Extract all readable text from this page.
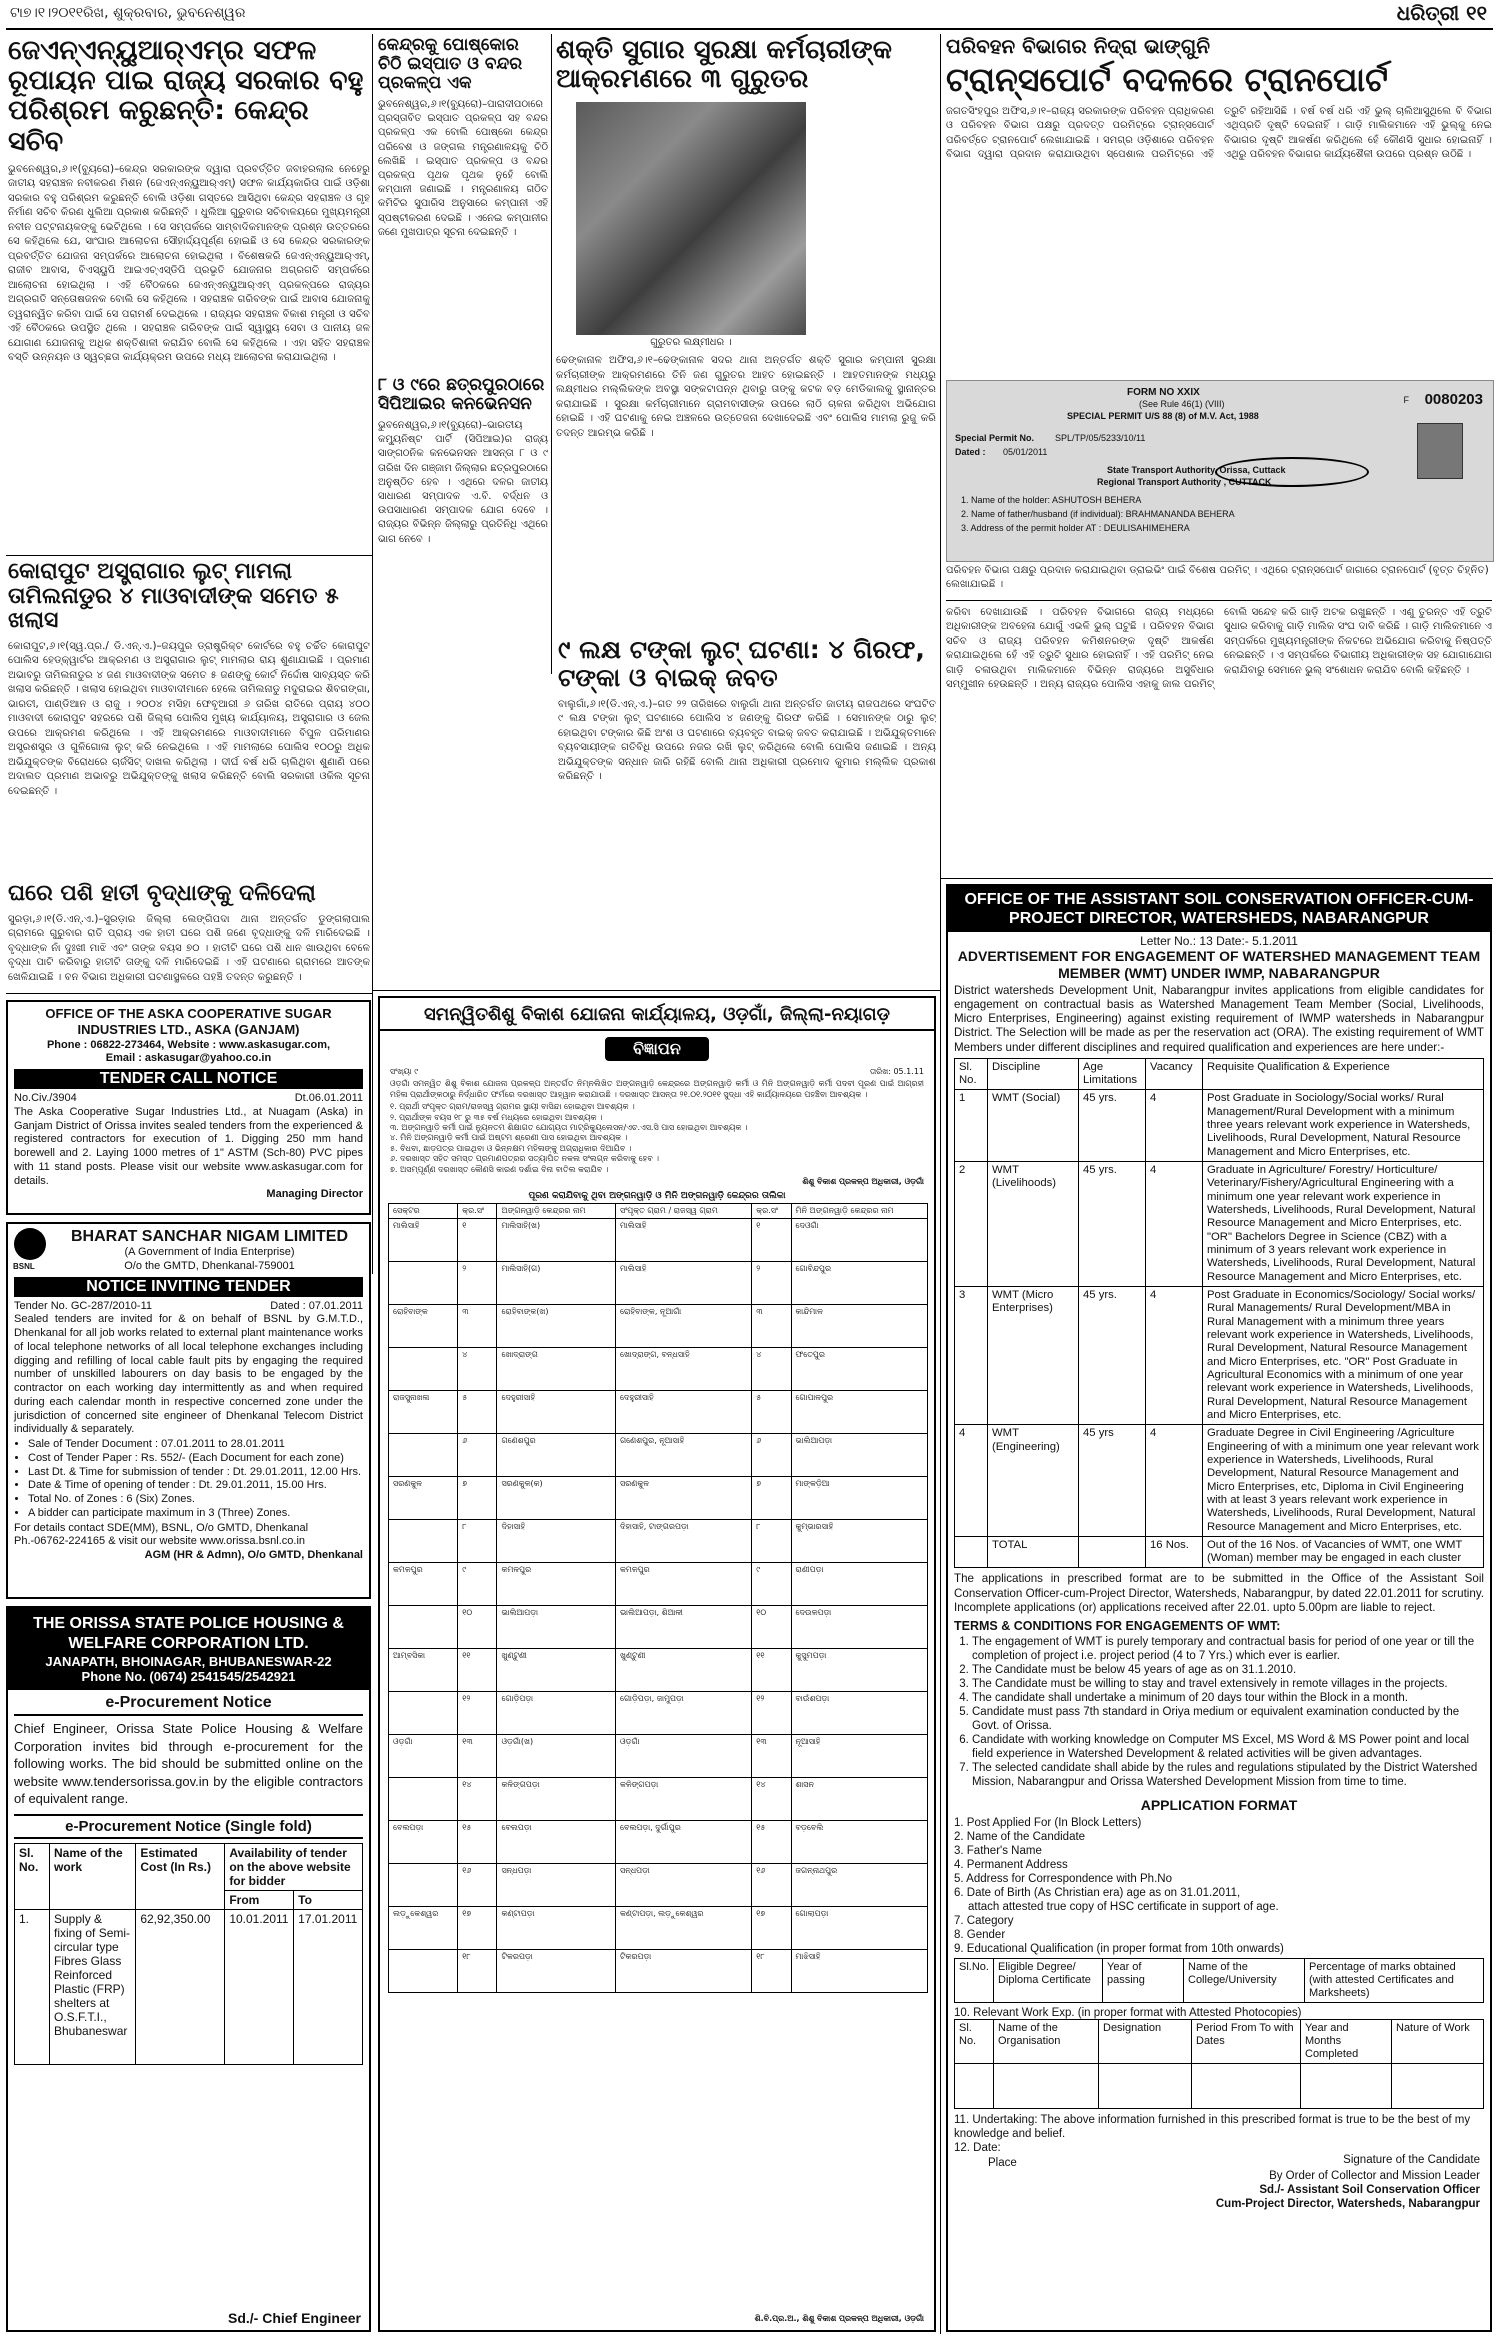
ଟା୭।୧।୨୦୧୧ରିଖ, ଶୁକ୍ରବାର, ଭୁବନେଶ୍ୱର	ଧରିତ୍ରୀ ୧୧
ଜେଏନ୍‌ଏନ୍‌ୟୁଆର୍‌ଏମ୍‌ର ସଫଳ ରୂପାୟନ ପାଇ ରାଜ୍ୟ ସରକାର ବହୁ ପରିଶ୍ରମ କରୁଛନ୍ତି: କେନ୍ଦ୍ର ସଚିବ

ଭୁବନେଶ୍ୱର,୬।୧(ବ୍ୟୁରୋ)–କେନ୍ଦ୍ର ସରକାରଙ୍କ ଦ୍ୱାରା ପ୍ରବର୍ତ୍ତିତ ଜବାହରଲାଲ ନେହେରୁ ଜାତୀୟ ସହରାଞ୍ଚଳ ନବୀକରଣ ମିଶନ (ଜେଏନ୍‌ଏନ୍‌ୟୁଆର୍‌ଏମ୍‌) ସଫଳ କାର୍ଯ୍ୟକାରିତା ପାଇଁ ଓଡ଼ିଶା ସରକାର ବହୁ ପରିଶ୍ରମ କରୁଛନ୍ତି ବୋଲି ଓଡ଼ିଶା ଗସ୍ତରେ ଆସିଥିବା କେନ୍ଦ୍ର ସହରାଞ୍ଚଳ ଓ ଗୃହ ନିର୍ମାଣ ସଚିବ କିରଣ ଧୁଲିଆ ପ୍ରକାଶ କରିଛନ୍ତି । ଧୁଲିଆ ଗୁରୁବାର ସଚିବାଳୟରେ ମୁଖ୍ୟମନ୍ତ୍ରୀ ନବୀନ ପଟ୍ଟନାୟକଙ୍କୁ ଭେଟିଥିଲେ । ସେ ସମ୍ପର୍କରେ ସାମ୍ବାଦିକମାନଙ୍କ ପ୍ରଶ୍ନ ଉତ୍ତରରେ ସେ କହିଥିଲେ ଯେ, ସାଂଘାର ଆଲୋଚନା ସୌହାର୍ଦ୍ଦ୍ୟପୂର୍ଣ୍ଣ ହୋଇଛି ଓ ସେ କେନ୍ଦ୍ର ସରକାରଙ୍କ ପ୍ରବର୍ତ୍ତିତ ଯୋଜନା ସମ୍ପର୍କରେ ଆଲୋଚନା ହୋଇଥିଲା । ବିଶେଷକରି ଜେଏନ୍‌ଏନ୍‌ୟୁଆର୍‌ଏମ୍‌, ରାଜୀବ ଆବାସ, ବିଏସ୍‌ୟୁପି ଆଇଏଚ୍‌ଏସ୍‌ଡିପି ପ୍ରଭୃତି ଯୋଜନାର ଅଗ୍ରଗତି ସମ୍ପର୍କରେ ଆଲୋଚନା ହୋଇଥିଲା । ଏହି ବୈଠକରେ ଜେଏନ୍‌ଏନ୍‌ୟୁଆର୍‌ଏମ୍‌ ପ୍ରକଳ୍ପରେ ରାଜ୍ୟର ଅଗ୍ରଗତି ସନ୍ତୋଷଜନକ ବୋଲି ସେ କହିଥିଲେ । ସହରାଞ୍ଚଳ ଗରିବଙ୍କ ପାଇଁ ଆବାସ ଯୋଜନାକୁ ତ୍ୱରାନ୍ୱିତ କରିବା ପାଇଁ ସେ ପରାମର୍ଶ ଦେଇଥିଲେ । ରାଜ୍ୟର ସହରାଞ୍ଚଳ ବିକାଶ ମନ୍ତ୍ରୀ ଓ ସଚିବ ଏହି ବୈଠକରେ ଉପସ୍ଥିତ ଥିଲେ । ସହରାଞ୍ଚଳ ଗରିବଙ୍କ ପାଇଁ ସ୍ୱାସ୍ଥ୍ୟ ସେବା ଓ ପାନୀୟ ଜଳ ଯୋଗାଣ ଯୋଜନାକୁ ଅଧିକ ଶକ୍ତିଶାଳୀ କରାଯିବ ବୋଲି ସେ କହିଥିଲେ । ଏହା ସହିତ ସହରାଞ୍ଚଳ ବସ୍ତି ଉନ୍ନୟନ ଓ ସ୍ୱଚ୍ଛତା କାର୍ଯ୍ୟକ୍ରମ ଉପରେ ମଧ୍ୟ ଆଲୋଚନା କରାଯାଇଥିଲା ।

କୋରାପୁଟ ଅସ୍ତ୍ରାଗାର ଲୁଟ୍‌ ମାମଲା ତାମିଲନାଡୁର ୪ ମାଓବାଦୀଙ୍କ ସମେତ ୫ ଖଲାସ

କୋରାପୁଟ,୬।୧(ସ୍ୱ.ପ୍ର./ ଡି.ଏନ୍‌.ଏ.)–ଜୟପୁର ଡ୍ରାଷ୍ଟ୍ରିକ୍ଟ କୋର୍ଟରେ ବହୁ ଚର୍ଚ୍ଚିତ କୋରାପୁଟ ପୋଲିସ ହେଡ୍‌କ୍ୱାର୍ଟର ଆକ୍ରମଣ ଓ ଅସ୍ତ୍ରାଗାର ଲୁଟ୍‌ ମାମଲାର ରାୟ ଶୁଣାଯାଇଛି । ପ୍ରମାଣ ଅଭାବରୁ ତାମିଲନାଡୁର ୪ ଜଣ ମାଓବାଦୀଙ୍କ ସମେତ ୫ ଜଣଙ୍କୁ କୋର୍ଟ ନିର୍ଦ୍ଦୋଷ ସାବ୍ୟସ୍ତ କରି ଖଲାସ କରିଛନ୍ତି । ଖଲାସ ହୋଇଥିବା ମାଓବାଦୀମାନେ ହେଲେ ତାମିଲନାଡୁ ମଦୁରାଇର ଶିବଗଙ୍ଗା, ଭାରତୀ, ପାଣ୍ଡିଆନ ଓ ରାଜୁ । ୨୦୦୪ ମସିହା ଫେବୃଆରୀ ୬ ତାରିଖ ରାତିରେ ପ୍ରାୟ ୪୦୦ ମାଓବାଦୀ କୋରାପୁଟ ସହରରେ ପଶି ଜିଲ୍ଲା ପୋଲିସ ମୁଖ୍ୟ କାର୍ଯ୍ୟାଳୟ, ଅସ୍ତ୍ରାଗାର ଓ ଜେଲ ଉପରେ ଆକ୍ରମଣ କରିଥିଲେ । ଏହି ଆକ୍ରମଣରେ ମାଓବାଦୀମାନେ ବିପୁଳ ପରିମାଣର ଅସ୍ତ୍ରଶସ୍ତ୍ର ଓ ଗୁଳିଗୋଳା ଲୁଟ୍‌ କରି ନେଇଥିଲେ । ଏହି ମାମଲାରେ ପୋଲିସ ୧୦୦ରୁ ଅଧିକ ଅଭିଯୁକ୍ତଙ୍କ ବିରୋଧରେ ଚାର୍ଜସିଟ୍‌ ଦାଖଲ କରିଥିଲା । ଦୀର୍ଘ ବର୍ଷ ଧରି ଚାଲିଥିବା ଶୁଣାଣି ପରେ ଅଦାଲତ ପ୍ରମାଣ ଅଭାବରୁ ଅଭିଯୁକ୍ତଙ୍କୁ ଖଲାସ କରିଛନ୍ତି ବୋଲି ସରକାରୀ ଓକିଲ ସୂଚନା ଦେଇଛନ୍ତି ।

ଘରେ ପଶି ହାତୀ ବୃଦ୍ଧାଙ୍କୁ ଦଳିଦେଲା

ସୁରଡ଼ା,୬।୧(ଡି.ଏନ୍‌.ଏ.)–ସୁରଡ଼ାର ଜିଲ୍ଲା ଲେଙ୍ଗିପଦା ଥାନା ଅନ୍ତର୍ଗତ ଡୁଙ୍ଗଲାପାଲ ଗ୍ରାମରେ ଗୁରୁବାର ରାତି ପ୍ରାୟ ଏକ ହାତୀ ଘରେ ପଶି ଜଣେ ବୃଦ୍ଧାଙ୍କୁ ଦଳି ମାରିଦେଇଛି । ବୃଦ୍ଧାଙ୍କ ନାଁ ଦୁଃଖୀ ମାଝି ଏବଂ ତାଙ୍କ ବୟସ ୭୦ । ହାତୀଟି ଘରେ ପଶି ଧାନ ଖାଉଥିବା ବେଳେ ବୃଦ୍ଧା ପାଟି କରିବାରୁ ହାତୀଟି ତାଙ୍କୁ ଦଳି ମାରିଦେଇଛି । ଏହି ଘଟଣାରେ ଗ୍ରାମରେ ଆତଙ୍କ ଖେଳିଯାଇଛି । ବନ ବିଭାଗ ଅଧିକାରୀ ଘଟଣାସ୍ଥଳରେ ପହଞ୍ଚି ତଦନ୍ତ କରୁଛନ୍ତି ।

OFFICE OF THE ASKA COOPERATIVE SUGAR INDUSTRIES LTD., ASKA (GANJAM)
Phone : 06822-273464, Website : www.askasugar.com,
Email : askasugar@yahoo.co.in
TENDER CALL NOTICE
No.Civ./3904	Dt.06.01.2011
The Aska Cooperative Sugar Industries Ltd., at Nuagam (Aska) in Ganjam District of Orissa invites sealed tenders from the experienced & registered contractors for execution of 1. Digging 250 mm hand borewell and 2. Laying 1000 metres of 1" ASTM (Sch-80) PVC pipes with 11 stand posts. Please visit our website www.askasugar.com for details.
Managing Director
BSNL
BHARAT SANCHAR NIGAM LIMITED
(A Government of India Enterprise)
O/o the GMTD, Dhenkanal-759001
NOTICE INVITING TENDER
Tender No. GC-287/2010-11	Dated : 07.01.2011
Sealed tenders are invited for & on behalf of BSNL by G.M.T.D., Dhenkanal for all job works related to external plant maintenance works of local telephone networks of all local telephone exchanges including digging and refilling of local cable fault pits by engaging the required number of unskilled labourers on day basis to be engaged by the contractor on each working day intermittently as and when required during each calendar month in respective concerned zone under the jurisdiction of concerned site engineer of Dhenkanal Telecom District individually & separately.
• Sale of Tender Document : 07.01.2011 to 28.01.2011
• Cost of Tender Paper : Rs. 552/- (Each Document for each zone)
• Last Dt. & Time for submission of tender : Dt. 29.01.2011, 12.00 Hrs.
• Date & Time of opening of tender : Dt. 29.01.2011, 15.00 Hrs.
• Total No. of Zones : 6 (Six) Zones.
• A bidder can participate maximum in 3 (Three) Zones.
For details contact SDE(MM), BSNL, O/o GMTD, Dhenkanal Ph.-06762-224165 & visit our website www.orissa.bsnl.co.in
AGM (HR & Admn), O/o GMTD, Dhenkanal
THE ORISSA STATE POLICE HOUSING & WELFARE CORPORATION LTD.
JANAPATH, BHOINAGAR, BHUBANESWAR-22
Phone No. (0674) 2541545/2542921
e-Procurement Notice
Chief Engineer, Orissa State Police Housing & Welfare Corporation invites bid through e-procurement for the following works. The bid should be submitted online on the website www.tendersorissa.gov.in by the eligible contractors of equivalent range.
e-Procurement Notice (Single fold)
Sl. No.	Name of the work	Estimated Cost (In Rs.)	Availability of tender on the above website for bidder	
			From	To
1.	Supply & fixing of Semi-circular type Fibres Glass Reinforced Plastic (FRP) shelters at O.S.F.T.I., Bhubaneswar	62,92,350.00	10.01.2011	17.01.2011
Sd./- Chief Engineer
କେନ୍ଦ୍ରକୁ ପୋଷ୍କୋର ଚିଠି ଇସ୍ପାତ ଓ ବନ୍ଦର ପ୍ରକଳ୍ପ ଏକ

ଭୁବନେଶ୍ୱର,୬।୧(ବ୍ୟୁରୋ)–ପାରାଦୀପଠାରେ ପ୍ରସ୍ତାବିତ ଇସ୍ପାତ ପ୍ରକଳ୍ପ ସହ ବନ୍ଦର ପ୍ରକଳ୍ପ ଏକ ବୋଲି ପୋଷ୍କୋ କେନ୍ଦ୍ର ପରିବେଶ ଓ ଜଙ୍ଗଲ ମନ୍ତ୍ରଣାଳୟକୁ ଚିଠି ଲେଖିଛି । ଇସ୍ପାତ ପ୍ରକଳ୍ପ ଓ ବନ୍ଦର ପ୍ରକଳ୍ପ ପୃଥକ ପୃଥକ ନୁହେଁ ବୋଲି କମ୍ପାନୀ ଜଣାଇଛି । ମନ୍ତ୍ରଣାଳୟ ଗଠିତ କମିଟିର ସୁପାରିସ ଅନୁସାରେ କମ୍ପାନୀ ଏହି ସ୍ପଷ୍ଟୀକରଣ ଦେଇଛି । ଏନେଇ କମ୍ପାନୀର ଜଣେ ମୁଖପାତ୍ର ସୂଚନା ଦେଇଛନ୍ତି ।

୮ ଓ ୯ରେ ଛତ୍ରପୁରଠାରେ ସିପିଆଇର କନଭେନସନ

ଭୁବନେଶ୍ୱର,୬।୧(ବ୍ୟୁରୋ)–ଭାରତୀୟ କମ୍ୟୁନିଷ୍ଟ ପାର୍ଟି (ସିପିଆଇ)ର ରାଜ୍ୟ ସାଙ୍ଗଠନିକ କନଭେନସନ ଆସନ୍ତା ୮ ଓ ୯ ତାରିଖ ଦିନ ଗଞ୍ଜାମ ଜିଲ୍ଲାର ଛତ୍ରପୁରଠାରେ ଅନୁଷ୍ଠିତ ହେବ । ଏଥିରେ ଦଳର ଜାତୀୟ ସାଧାରଣ ସମ୍ପାଦକ ଏ.ବି. ବର୍ଦ୍ଧନ ଓ ଉପସାଧାରଣ ସମ୍ପାଦକ ଯୋଗ ଦେବେ । ରାଜ୍ୟର ବିଭିନ୍ନ ଜିଲ୍ଲାରୁ ପ୍ରତିନିଧି ଏଥିରେ ଭାଗ ନେବେ ।

ଶକ୍ତି ସୁଗାର ସୁରକ୍ଷା କର୍ମଚାରୀଙ୍କ ଆକ୍ରମଣରେ ୩ ଗୁରୁତର
ଗୁରୁତର ଲକ୍ଷ୍ମୀଧର ।

ଢେଙ୍କାନାଳ ଅଫିସ,୬।୧–ଢେଙ୍କାନାଳ ସଦର ଥାନା ଅନ୍ତର୍ଗତ ଶକ୍ତି ସୁଗାର କମ୍ପାନୀ ସୁରକ୍ଷା କର୍ମଚାରୀଙ୍କ ଆକ୍ରମଣରେ ତିନି ଜଣ ଗୁରୁତର ଆହତ ହୋଇଛନ୍ତି । ଆହତମାନଙ୍କ ମଧ୍ୟରୁ ଲକ୍ଷ୍ମୀଧର ମଲ୍ଲିକଙ୍କ ଅବସ୍ଥା ସଙ୍କଟାପନ୍ନ ଥିବାରୁ ତାଙ୍କୁ କଟକ ବଡ଼ ମେଡିକାଲକୁ ସ୍ଥାନାନ୍ତର କରାଯାଇଛି । ସୁରକ୍ଷା କର୍ମଚାରୀମାନେ ଗ୍ରାମବାସୀଙ୍କ ଉପରେ ଲାଠି ଚାଳନା କରିଥିବା ଅଭିଯୋଗ ହୋଇଛି । ଏହି ଘଟଣାକୁ ନେଇ ଅଞ୍ଚଳରେ ଉତ୍ତେଜନା ଦେଖାଦେଇଛି ଏବଂ ପୋଲିସ ମାମଲା ରୁଜୁ କରି ତଦନ୍ତ ଆରମ୍ଭ କରିଛି ।

୯ ଲକ୍ଷ ଟଙ୍କା ଲୁଟ୍‌ ଘଟଣା: ୪ ଗିରଫ, ଟଙ୍କା ଓ ବାଇକ୍‌ ଜବତ

ବାଲୁଗାଁ,୬।୧(ଡି.ଏନ୍‌.ଏ.)–ଗତ ୨୨ ତାରିଖରେ ବାଲୁଗାଁ ଥାନା ଅନ୍ତର୍ଗତ ଜାତୀୟ ରାଜପଥରେ ସଂଘଟିତ ୯ ଲକ୍ଷ ଟଙ୍କା ଲୁଟ୍‌ ଘଟଣାରେ ପୋଲିସ ୪ ଜଣଙ୍କୁ ଗିରଫ କରିଛି । ସେମାନଙ୍କ ଠାରୁ ଲୁଟ୍‌ ହୋଇଥିବା ଟଙ୍କାର କିଛି ଅଂଶ ଓ ଘଟଣାରେ ବ୍ୟବହୃତ ବାଇକ୍‌ ଜବତ କରାଯାଇଛି । ଅଭିଯୁକ୍ତମାନେ ବ୍ୟବସାୟୀଙ୍କ ଗତିବିଧି ଉପରେ ନଜର ରଖି ଲୁଟ୍‌ କରିଥିଲେ ବୋଲି ପୋଲିସ ଜଣାଇଛି । ଅନ୍ୟ ଅଭିଯୁକ୍ତଙ୍କ ସନ୍ଧାନ ଜାରି ରହିଛି ବୋଲି ଥାନା ଅଧିକାରୀ ପ୍ରମୋଦ କୁମାର ମଲ୍ଲିକ ପ୍ରକାଶ କରିଛନ୍ତି ।

ସମନ୍ୱିତଶିଶୁ ବିକାଶ ଯୋଜନା କାର୍ଯ୍ୟାଳୟ, ଓଡ଼ଗାଁ, ଜିଲ୍ଲା-ନୟାଗଡ଼
ବିଜ୍ଞାପନ
ସଂଖ୍ୟା ୯	ତାରିଖ: 05.1.11
ଓଡ଼ଗାଁ ସମନ୍ୱିତ ଶିଶୁ ବିକାଶ ଯୋଜନା ପ୍ରକଳ୍ପ ଅନ୍ତର୍ଗତ ନିମ୍ନଲିଖିତ ଅଙ୍ଗନୱାଡ଼ି କେନ୍ଦ୍ରରେ ଅଙ୍ଗନୱାଡ଼ି କର୍ମୀ ଓ ମିନି ଅଙ୍ଗନୱାଡ଼ି କର୍ମୀ ପଦବୀ ପୂରଣ ପାଇଁ ଆଗ୍ରହୀ ମହିଳା ପ୍ରାର୍ଥୀଙ୍କଠାରୁ ନିର୍ଦ୍ଧାରିତ ଫର୍ମରେ ଦରଖାସ୍ତ ଆହ୍ୱାନ କରାଯାଉଛି । ଦରଖାସ୍ତ ଆସନ୍ତା ୨୧.୦୧.୨୦୧୧ ସୁଦ୍ଧା ଏହି କାର୍ଯ୍ୟାଳୟରେ ପହଞ୍ଚିବା ଆବଶ୍ୟକ ।
୧. ପ୍ରାର୍ଥୀ ସଂପୃକ୍ତ ଗ୍ରାମ/ରାଜସ୍ୱ ଗ୍ରାମର ସ୍ଥାୟୀ ବାସିନ୍ଦା ହୋଇଥିବା ଆବଶ୍ୟକ ।
୨. ପ୍ରାର୍ଥୀଙ୍କ ବୟସ ୧୮ ରୁ ୩୫ ବର୍ଷ ମଧ୍ୟରେ ହୋଇଥିବା ଆବଶ୍ୟକ ।
୩. ଅଙ୍ଗନୱାଡ଼ି କର୍ମୀ ପାଇଁ ନ୍ୟୁନତମ ଶିକ୍ଷାଗତ ଯୋଗ୍ୟତା ମାଟ୍ରିକ୍ୟୁଲେସନ/ଏଚ.ଏସ.ସି ପାସ ହୋଇଥିବା ଆବଶ୍ୟକ ।
୪. ମିନି ଅଙ୍ଗନୱାଡ଼ି କର୍ମୀ ପାଇଁ ଅଷ୍ଟମ ଶ୍ରେଣୀ ପାସ ହୋଇଥିବା ଆବଶ୍ୟକ ।
୫. ବିଧବା, ଛାଡ଼ପତ୍ର ପାଇଥିବା ଓ ଭିନ୍ନକ୍ଷମ ମହିଳାଙ୍କୁ ଅଗ୍ରାଧିକାର ଦିଆଯିବ ।
୬. ଦରଖାସ୍ତ ସହିତ ସମସ୍ତ ପ୍ରମାଣପତ୍ରର ସତ୍ୟାପିତ ନକଲ ସଂଲଗ୍ନ କରିବାକୁ ହେବ ।
୭. ଅସମ୍ପୂର୍ଣ୍ଣ ଦରଖାସ୍ତ କୌଣସି କାରଣ ଦର୍ଶାଇ ବିନା ବାତିଲ କରାଯିବ ।
ଶିଶୁ ବିକାଶ ପ୍ରକଳ୍ପ ଅଧିକାରୀ, ଓଡ଼ଗାଁ
ପୂରଣ କରାଯିବାକୁ ଥିବା ଅଙ୍ଗନୱାଡ଼ି ଓ ମିନି ଅଙ୍ଗନୱାଡ଼ି କେନ୍ଦ୍ରର ତାଲିକା
ସେକ୍ଟର	କ୍ର.ସଂ	ଅଙ୍ଗନୱାଡ଼ି କେନ୍ଦ୍ରର ନାମ	ସଂପୃକ୍ତ ଗ୍ରାମ / ରାଜସ୍ୱ ଗ୍ରାମ	କ୍ର.ସଂ	ମିନି ଅଙ୍ଗନୱାଡ଼ି କେନ୍ଦ୍ରର ନାମ
ମାଲିସାହି	୧	ମାଲିସାହି(ଖ)	ମାଲିସାହି	୧	ଦେଓଗାଁ
	୨	ମାଲିସାହି(ଗ)	ମାଲିସାହି	୨	ଗୋବିନ୍ଦପୁର
ରୋହିବାଙ୍କ	୩	ରୋହିବାଙ୍କ(ଖ)	ରୋହିବାଙ୍କ, ନୂଆଗାଁ	୩	କାନ୍ଦିମାଳ
	୪	ଖୋଦ୍ରାଙ୍ଗ	ଖୋଦ୍ରାଙ୍ଗ, ବନ୍ଧସାହି	୪	ଫତେପୁର
ରାଜସୁନାଖଳା	୫	ଦେହୁରୀସାହି	ଦେହୁରୀସାହି	୫	ଗୋପାଳପୁର
	୬	ଗଣେଶପୁର	ଗଣେଶପୁର, ନୂଆସାହି	୬	ଭାଲିଆପଡ଼ା
ସରଣକୁଳ	୭	ସରଣକୁଳ(କ)	ସରଣକୁଳ	୭	ମାଙ୍କଡ଼ିଆ
	୮	ଦିହାସାହି	ଦିହାସାହି, ଟାଙ୍ଗରପଡ଼ା	୮	କୁମ୍ଭାରସାହି
କମଳପୁର	୯	କମଳପୁର	କମଳପୁର	୯	ରାଣୀପଡ଼ା
	୧୦	ଭାଲିଆପଡ଼ା	ଭାଲିଆପଡ଼ା, ଶିଆଳୀ	୧୦	ଦେଉଳପଡ଼ା
ଆମ୍ବସିକା	୧୧	ଖୁଣ୍ଟୁଣୀ	ଖୁଣ୍ଟୁଣୀ	୧୧	କୁସୁମପଡ଼ା
	୧୨	ଗୋଡ଼ିପଡ଼ା	ଗୋଡ଼ିପଡ଼ା, ଜାମୁପଡ଼ା	୧୨	ବାଉଁଶପଡ଼ା
ଓଡ଼ଗାଁ	୧୩	ଓଡ଼ଗାଁ(ଖ)	ଓଡ଼ଗାଁ	୧୩	ନୂଆସାହି
	୧୪	କଳିଙ୍ଗପଡ଼ା	କଳିଙ୍ଗପଡ଼ା	୧୪	ଶାସନ
ବେଲପଡ଼ା	୧୫	ବେଲପଡ଼ା	ବେଲପଡ଼ା, ଦୁର୍ଗାପୁର	୧୫	ବଡ଼ବେଲି
	୧୬	ସନ୍ଧପଡ଼ା	ସନ୍ଧପଡ଼ା	୧୬	ଜଗନ୍ନାଥପୁର
ଲଡ଼ୁକେଶ୍ୱର	୧୭	କଣ୍ଟାପଡ଼ା	କଣ୍ଟାପଡ଼ା, ଲଡ଼ୁକେଶ୍ୱର	୧୭	ଗୋଲାପଡ଼ା
	୧୮	ଟିକରପଡ଼ା	ଟିକରପଡ଼ା	୧୮	ମାଝିସାହି
ଶି.ବି.ପ୍ର.ଅ., ଶିଶୁ ବିକାଶ ପ୍ରକଳ୍ପ ଅଧିକାରୀ, ଓଡ଼ଗାଁ
ପରିବହନ ବିଭାଗର ନିଦ୍ରା ଭାଙ୍ଗୁନି
ଟ୍ରାନ୍ସପୋର୍ଟ ବଦଳରେ ଟ୍ରାନପୋର୍ଟ

ଜଗତସିଂହପୁର ଅଫିସ,୬।୧–ରାଜ୍ୟ ସରକାରଙ୍କ ପରିବହନ ପ୍ରାଧିକରଣ ଓ ପରିବହନ ବିଭାଗ ପକ୍ଷରୁ ପ୍ରଦତ୍ତ ପରମିଟ୍‌ରେ ଟ୍ରାନ୍ସପୋର୍ଟ ପରିବର୍ତ୍ତେ ଟ୍ରାନପୋର୍ଟ ଲେଖାଯାଇଛି । ସମଗ୍ର ଓଡ଼ିଶାରେ ପରିବହନ ବିଭାଗ ଦ୍ୱାରା ପ୍ରଦାନ କରାଯାଉଥିବା ସ୍ପେଶାଲ ପରମିଟ୍‌ରେ ଏହି ତ୍ରୁଟି ରହିଆସିଛି । ବର୍ଷ ବର୍ଷ ଧରି ଏହି ଭୁଲ୍‌ ଚାଲିଆସୁଥିଲେ ବି ବିଭାଗ ଏଥିପ୍ରତି ଦୃଷ୍ଟି ଦେଇନାହିଁ । ଗାଡ଼ି ମାଲିକମାନେ ଏହି ଭୁଲ୍‌କୁ ନେଇ ବିଭାଗର ଦୃଷ୍ଟି ଆକର୍ଷଣ କରିଥିଲେ ହେଁ କୌଣସି ସୁଧାର ହୋଇନାହିଁ । ଏଥିରୁ ପରିବହନ ବିଭାଗର କାର୍ଯ୍ୟଶୈଳୀ ଉପରେ ପ୍ରଶ୍ନ ଉଠିଛି ।

FORM NO XXIX
(See Rule 46(1) (VIII)
SPECIAL PERMIT U/S 88 (8) of M.V. Act, 1988
F 0080203
Special Permit No. SPL/TP/05/5233/10/11
Dated : 05/01/2011
State Transport Authority, Orissa, Cuttack
Regional Transport Authority , CUTTACK
1. Name of the holder: ASHUTOSH BEHERA
2. Name of father/husband (if individual): BRAHMANANDA BEHERA
3. Address of the permit holder AT : DEULISAHIMEHERA
ପରିବହନ ବିଭାଗ ପକ୍ଷରୁ ପ୍ରଦାନ କରାଯାଇଥିବା ଡ୍ରାଇଭିଂ ପାଇଁ ବିଶେଷ ପରମିଟ୍‌ । ଏଥିରେ ଟ୍ରାନ୍ସପୋର୍ଟ ଜାଗାରେ ଟ୍ରାନପୋର୍ଟ (ବୃତ୍ତ ଚିହ୍ନିତ) ଲେଖାଯାଇଛି ।

କରିବା ଦେଖାଯାଉଛି । ପରିବହନ ବିଭାଗରେ ରାଜ୍ୟ ମଧ୍ୟରେ ଅଧିକାରୀଙ୍କ ଅବହେଳା ଯୋଗୁଁ ଏଭଳି ଭୁଲ୍‌ ଘଟୁଛି । ପରିବହନ ବିଭାଗ ସଚିବ ଓ ରାଜ୍ୟ ପରିବହନ କମିଶନରଙ୍କ ଦୃଷ୍ଟି ଆକର୍ଷଣ କରାଯାଇଥିଲେ ହେଁ ଏହି ତ୍ରୁଟି ସୁଧାର ହୋଇନାହିଁ । ଏହି ପରମିଟ୍‌ ନେଇ ଗାଡ଼ି ଚଳାଉଥିବା ମାଲିକମାନେ ବିଭିନ୍ନ ରାଜ୍ୟରେ ଅସୁବିଧାର ସମ୍ମୁଖୀନ ହେଉଛନ୍ତି । ଅନ୍ୟ ରାଜ୍ୟର ପୋଲିସ ଏହାକୁ ଜାଲ ପରମିଟ୍‌ ବୋଲି ସନ୍ଦେହ କରି ଗାଡ଼ି ଅଟକ ରଖୁଛନ୍ତି । ଏଣୁ ତୁରନ୍ତ ଏହି ତ୍ରୁଟି ସୁଧାର କରିବାକୁ ଗାଡ଼ି ମାଲିକ ସଂଘ ଦାବି କରିଛି । ଗାଡ଼ି ମାଲିକମାନେ ଏ ସମ୍ପର୍କରେ ମୁଖ୍ୟମନ୍ତ୍ରୀଙ୍କ ନିକଟରେ ଅଭିଯୋଗ କରିବାକୁ ନିଷ୍ପତ୍ତି ନେଇଛନ୍ତି । ଏ ସମ୍ପର୍କରେ ବିଭାଗୀୟ ଅଧିକାରୀଙ୍କ ସହ ଯୋଗାଯୋଗ କରାଯିବାରୁ ସେମାନେ ଭୁଲ୍‌ ସଂଶୋଧନ କରାଯିବ ବୋଲି କହିଛନ୍ତି ।

OFFICE OF THE ASSISTANT SOIL CONSERVATION OFFICER-CUM-PROJECT DIRECTOR, WATERSHEDS, NABARANGPUR
Letter No.: 13 Date:- 5.1.2011
ADVERTISEMENT FOR ENGAGEMENT OF WATERSHED MANAGEMENT TEAM MEMBER (WMT) UNDER IWMP, NABARANGPUR
District watersheds Development Unit, Nabarangpur invites applications from eligible candidates for engagement on contractual basis as Watershed Management Team Member (Social, Livelihoods, Micro Enterprises, Engineering) against existing requirement of IWMP watersheds in Nabarangpur District. The Selection will be made as per the reservation act (ORA). The existing requirement of WMT Members under different disciplines and required qualification and experiences are here under:-
Sl. No.	Discipline	Age Limitations	Vacancy	Requisite Qualification & Experience
1	WMT (Social)	45 yrs.	4	Post Graduate in Sociology/Social works/ Rural Management/Rural Development with a minimum three years relevant work experience in Watersheds, Livelihoods, Rural Development, Natural Resource Management and Micro Enterprises, etc.
2	WMT (Livelihoods)	45 yrs.	4	Graduate in Agriculture/ Forestry/ Horticulture/ Veterinary/Fishery/Agricultural Engineering with a minimum one year relevant work experience in Watersheds, Livelihoods, Rural Development, Natural Resource Management and Micro Enterprises, etc. "OR" Bachelors Degree in Science (CBZ) with a minimum of 3 years relevant work experience in Watersheds, Livelihoods, Rural Development, Natural Resource Management and Micro Enterprises, etc.
3	WMT (Micro Enterprises)	45 yrs.	4	Post Graduate in Economics/Sociology/ Social works/ Rural Managements/ Rural Development/MBA in Rural Management with a minimum three years relevant work experience in Watersheds, Livelihoods, Rural Development, Natural Resource Management and Micro Enterprises, etc. "OR" Post Graduate in Agricultural Economics with a minimum of one year relevant work experience in Watersheds, Livelihoods, Rural Development, Natural Resource Management and Micro Enterprises, etc.
4	WMT (Engineering)	45 yrs	4	Graduate Degree in Civil Engineering /Agriculture Engineering of with a minimum one year relevant work experience in Watersheds, Livelihoods, Rural Development, Natural Resource Management and Micro Enterprises, etc, Diploma in Civil Engineering with at least 3 years relevant work experience in Watersheds, Livelihoods, Rural Development, Natural Resource Management and Micro Enterprises, etc.
	TOTAL		16 Nos.	Out of the 16 Nos. of Vacancies of WMT, one WMT (Woman) member may be engaged in each cluster
The applications in prescribed format are to be submitted in the Office of the Assistant Soil Conservation Officer-cum-Project Director, Watersheds, Nabarangpur, by dated 22.01.2011 for scrutiny. Incomplete applications (or) applications received after 22.01. upto 5.00pm are liable to reject.
TERMS & CONDITIONS FOR ENGAGEMENTS OF WMT:
1. The engagement of WMT is purely temporary and contractual basis for period of one year or till the completion of project i.e. project period (4 to 7 Yrs.) which ever is earlier.
2. The Candidate must be below 45 years of age as on 31.1.2010.
3. The Candidate must be willing to stay and travel extensively in remote villages in the projects.
4. The candidate shall undertake a minimum of 20 days tour within the Block in a month.
5. Candidate must pass 7th standard in Oriya medium or equivalent examination conducted by the Govt. of Orissa.
6. Candidate with working knowledge on Computer MS Excel, MS Word & MS Power point and local field experience in Watershed Development & related activities will be given advantages.
7. The selected candidate shall abide by the rules and regulations stipulated by the District Watershed Mission, Nabarangpur and Orissa Watershed Development Mission from time to time.
APPLICATION FORMAT
1. Post Applied For (In Block Letters)
2. Name of the Candidate
3. Father's Name
4. Permanent Address
5. Address for Correspondence with Ph.No
6. Date of Birth (As Christian era) age as on 31.01.2011,
attach attested true copy of HSC certificate in support of age.
7. Category
8. Gender
9. Educational Qualification (in proper format from 10th onwards)
Sl.No.	Eligible Degree/ Diploma Certificate	Year of passing	Name of the College/University	Percentage of marks obtained (with attested Certificates and Marksheets)
10. Relevant Work Exp. (in proper format with Attested Photocopies)
Sl. No.	Name of the Organisation	Designation	Period From To with Dates	Year and Months Completed	Nature of Work

11. Undertaking: The above information furnished in this prescribed format is true to be the best of my knowledge and belief.
12. Date:
Place	Signature of the Candidate
By Order of Collector and Mission Leader
Sd./- Assistant Soil Conservation Officer
Cum-Project Director, Watersheds, Nabarangpur
